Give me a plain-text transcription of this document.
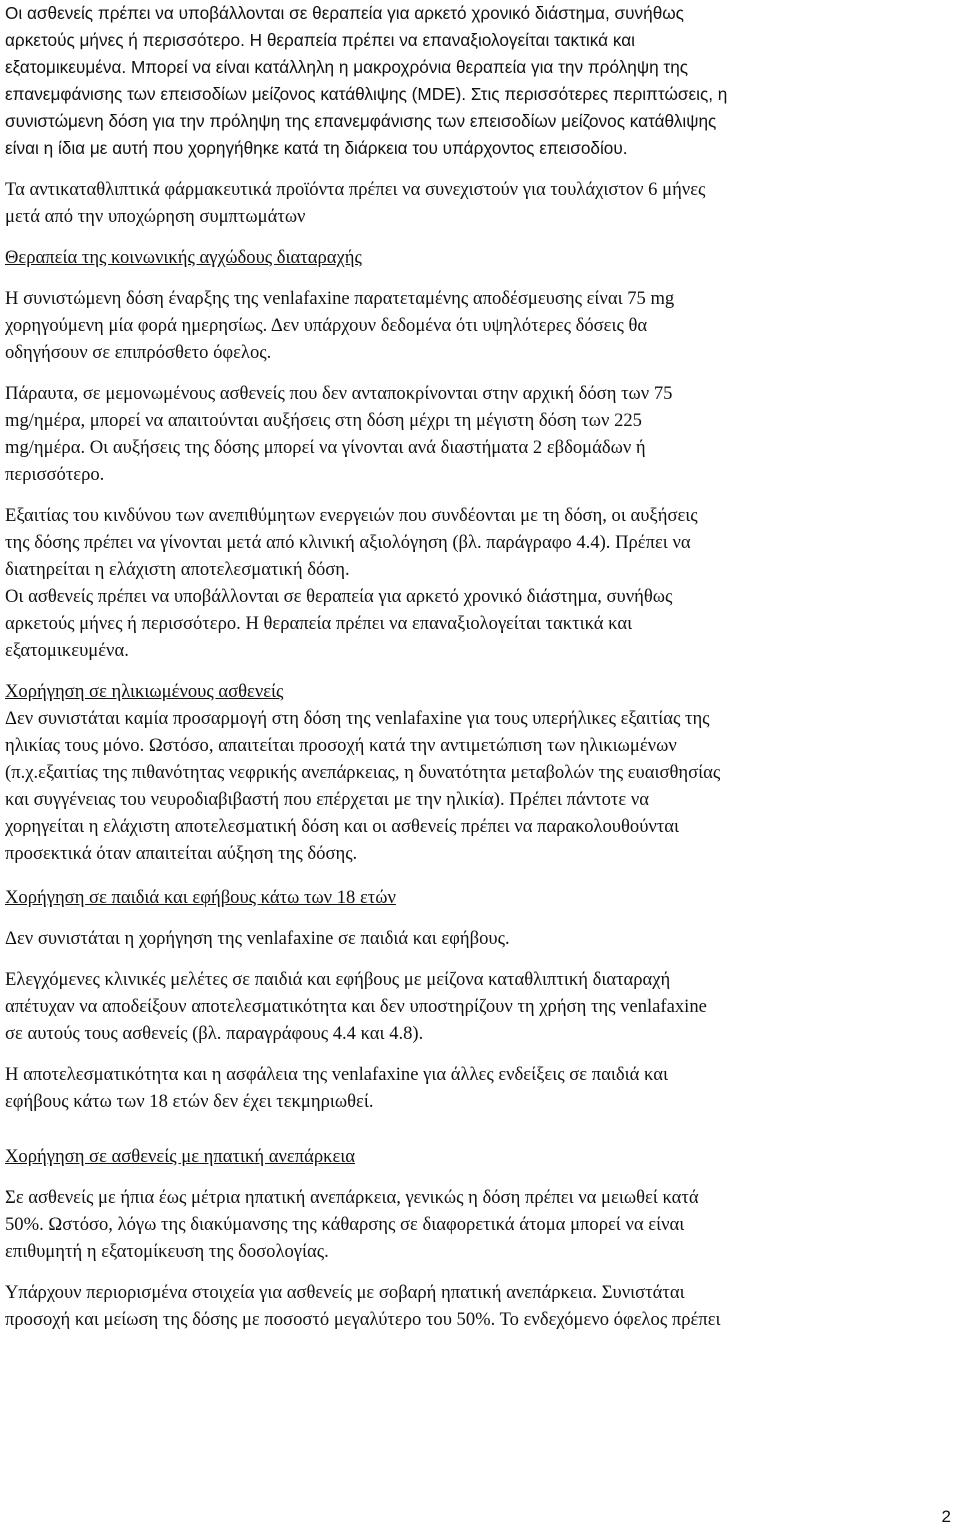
Οι ασθενείς πρέπει να υποβάλλονται σε θεραπεία για αρκετό χρονικό διάστημα, συνήθως
αρκετούς μήνες ή περισσότερο. Η θεραπεία πρέπει να επαναξιολογείται τακτικά και
εξατομικευμένα. Μπορεί να είναι κατάλληλη η μακροχρόνια θεραπεία για την πρόληψη της
επανεμφάνισης των επεισοδίων μείζονος κατάθλιψης (MDE). Στις περισσότερες περιπτώσεις, η
συνιστώμενη δόση για την πρόληψη της επανεμφάνισης των επεισοδίων μείζονος κατάθλιψης
είναι η ίδια με αυτή που χορηγήθηκε κατά τη διάρκεια του υπάρχοντος επεισοδίου.
Τα αντικαταθλιπτικά φάρμακευτικά προϊόντα πρέπει να συνεχιστούν για τουλάχιστον 6 μήνες
μετά από την υποχώρηση συμπτωμάτων
Θεραπεία της κοινωνικής αγχώδους διαταραχής
Η συνιστώμενη δόση έναρξης της venlafaxine παρατεταμένης αποδέσμευσης είναι 75 mg
χορηγούμενη μία φορά ημερησίως. Δεν υπάρχουν δεδομένα ότι υψηλότερες δόσεις θα
οδηγήσουν σε επιπρόσθετο όφελος.
Πάραυτα, σε μεμονωμένους ασθενείς που δεν ανταποκρίνονται στην αρχική δόση των 75
mg/ημέρα, μπορεί να απαιτούνται αυξήσεις στη δόση μέχρι τη μέγιστη δόση των 225
mg/ημέρα. Οι αυξήσεις της δόσης μπορεί να γίνονται ανά διαστήματα 2 εβδομάδων ή
περισσότερο.
Εξαιτίας του κινδύνου των ανεπιθύμητων ενεργειών που συνδέονται με τη δόση, οι αυξήσεις
της δόσης πρέπει να γίνονται μετά από κλινική αξιολόγηση (βλ. παράγραφο 4.4). Πρέπει να
διατηρείται η ελάχιστη αποτελεσματική δόση.
Οι ασθενείς πρέπει να υποβάλλονται σε θεραπεία για αρκετό χρονικό διάστημα, συνήθως
αρκετούς μήνες ή περισσότερο. Η θεραπεία πρέπει να επαναξιολογείται τακτικά και
εξατομικευμένα.
Χορήγηση σε ηλικιωμένους ασθενείς
Δεν συνιστάται καμία προσαρμογή στη δόση της venlafaxine για τους υπερήλικες εξαιτίας της
ηλικίας τους μόνο. Ωστόσο, απαιτείται προσοχή κατά την αντιμετώπιση των ηλικιωμένων
(π.χ.εξαιτίας της πιθανότητας νεφρικής ανεπάρκειας, η δυνατότητα μεταβολών της ευαισθησίας
και συγγένειας του νευροδιαβιβαστή που επέρχεται με την ηλικία). Πρέπει πάντοτε να
χορηγείται η ελάχιστη αποτελεσματική δόση και οι ασθενείς πρέπει να παρακολουθούνται
προσεκτικά όταν απαιτείται αύξηση της δόσης.
Χορήγηση σε παιδιά και εφήβους κάτω των 18 ετών
Δεν συνιστάται η χορήγηση της venlafaxine σε παιδιά και εφήβους.
Ελεγχόμενες κλινικές μελέτες σε παιδιά και εφήβους με μείζονα καταθλιπτική διαταραχή
απέτυχαν να αποδείξουν αποτελεσματικότητα και δεν υποστηρίζουν τη χρήση της venlafaxine
σε αυτούς τους ασθενείς (βλ. παραγράφους 4.4 και 4.8).
Η αποτελεσματικότητα και η ασφάλεια της venlafaxine για άλλες ενδείξεις σε παιδιά και
εφήβους κάτω των 18 ετών δεν έχει τεκμηριωθεί.
Χορήγηση σε ασθενείς με ηπατική ανεπάρκεια
Σε ασθενείς με ήπια έως μέτρια ηπατική ανεπάρκεια, γενικώς η δόση πρέπει να μειωθεί κατά
50%. Ωστόσο, λόγω της διακύμανσης της κάθαρσης σε διαφορετικά άτομα μπορεί να είναι
επιθυμητή η εξατομίκευση της δοσολογίας.
Υπάρχουν περιορισμένα στοιχεία για ασθενείς με σοβαρή ηπατική ανεπάρκεια. Συνιστάται
προσοχή και μείωση της δόσης με ποσοστό μεγαλύτερο του 50%. Το ενδεχόμενο όφελος πρέπει
2
